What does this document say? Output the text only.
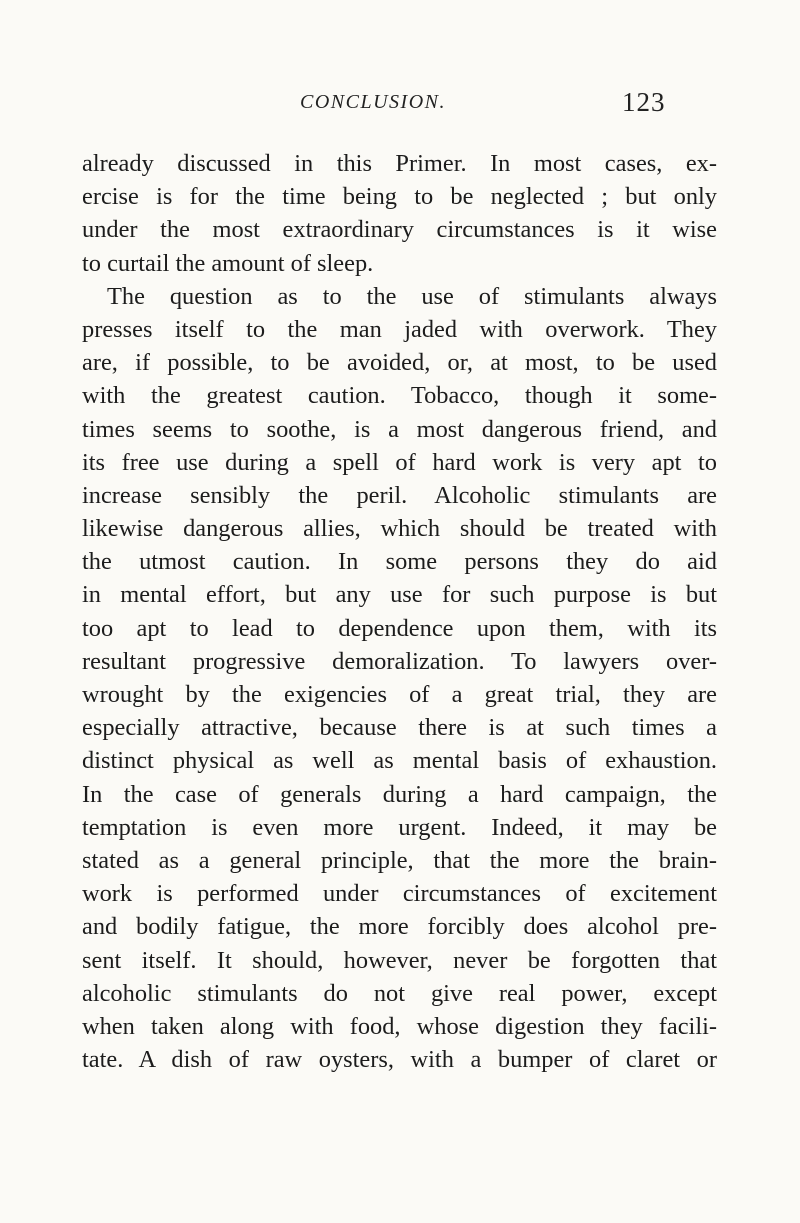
CONCLUSION.	123
already discussed in this Primer. In most cases, ex-
ercise is for the time being to be neglected ; but only
under the most extraordinary circumstances is it wise
to curtail the amount of sleep.
The question as to the use of stimulants always
presses itself to the man jaded with overwork. They
are, if possible, to be avoided, or, at most, to be used
with the greatest caution. Tobacco, though it some-
times seems to soothe, is a most dangerous friend, and
its free use during a spell of hard work is very apt to
increase sensibly the peril. Alcoholic stimulants are
likewise dangerous allies, which should be treated with
the utmost caution. In some persons they do aid
in mental effort, but any use for such purpose is but
too apt to lead to dependence upon them, with its
resultant progressive demoralization. To lawyers over-
wrought by the exigencies of a great trial, they are
especially attractive, because there is at such times a
distinct physical as well as mental basis of exhaustion.
In the case of generals during a hard campaign, the
temptation is even more urgent. Indeed, it may be
stated as a general principle, that the more the brain-
work is performed under circumstances of excitement
and bodily fatigue, the more forcibly does alcohol pre-
sent itself. It should, however, never be forgotten that
alcoholic stimulants do not give real power, except
when taken along with food, whose digestion they facili-
tate. A dish of raw oysters, with a bumper of claret or
